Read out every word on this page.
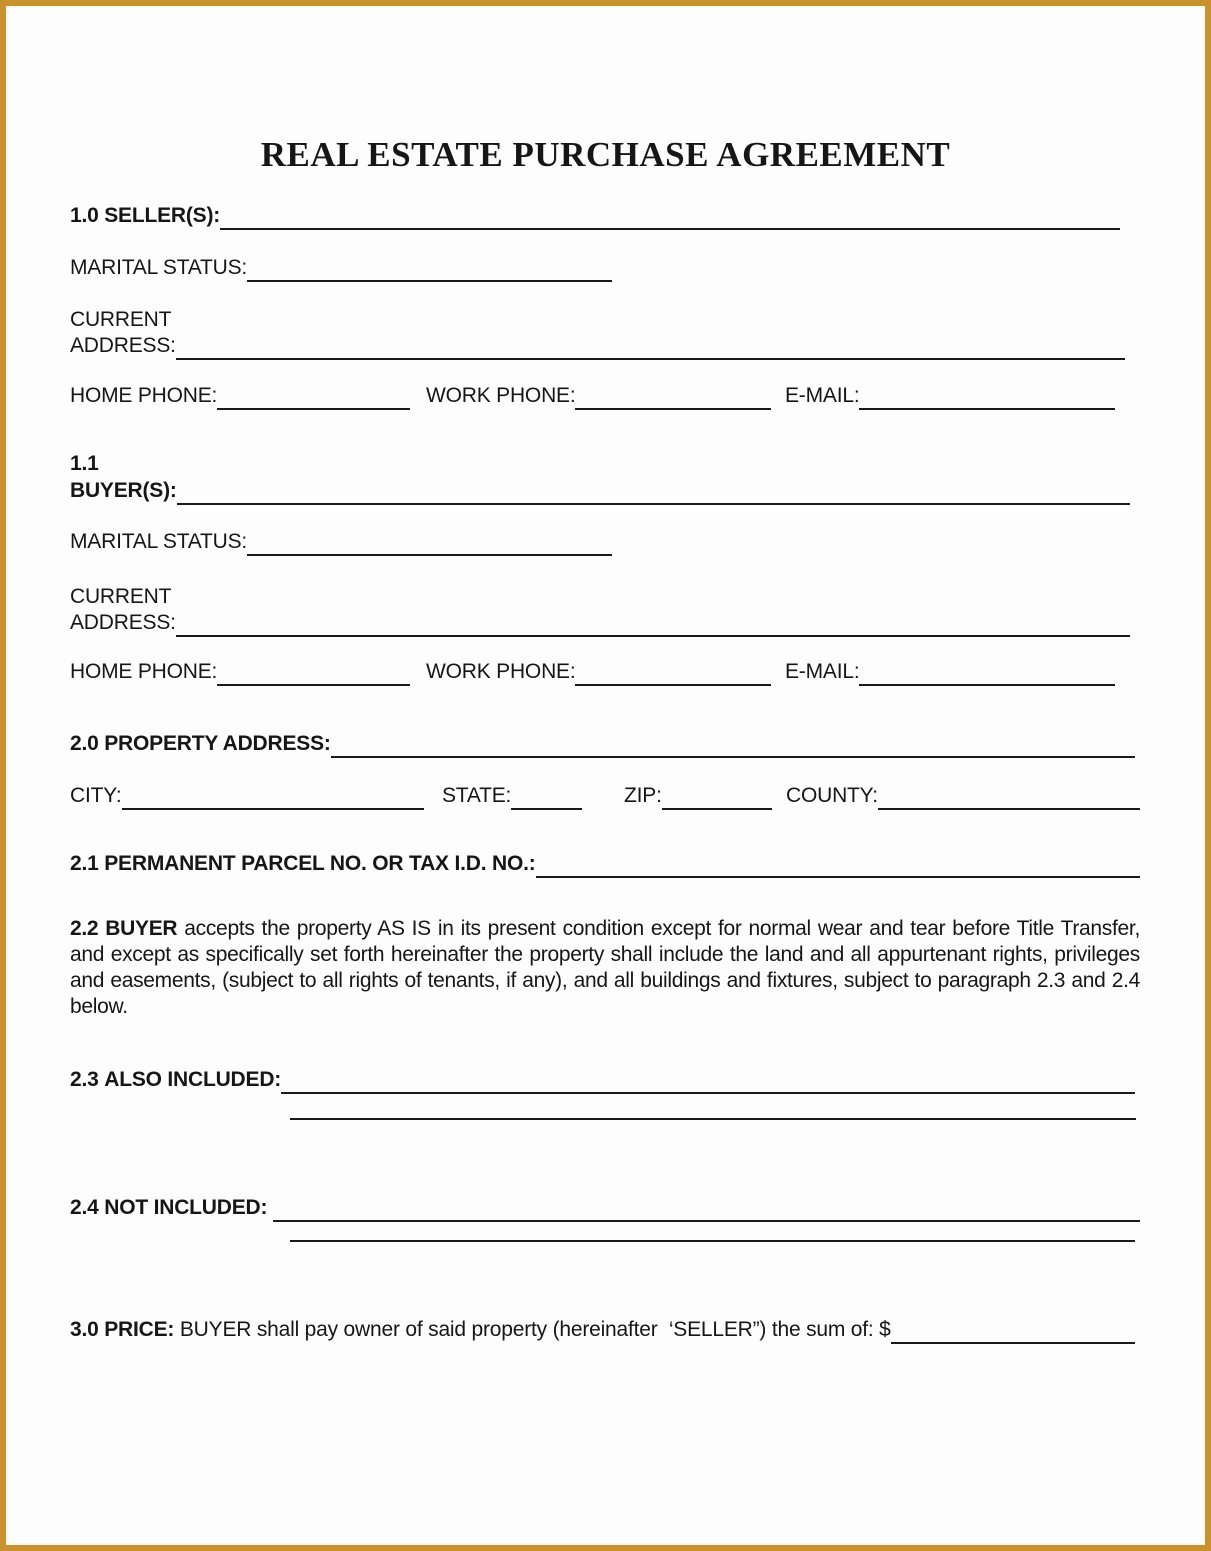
REAL ESTATE PURCHASE AGREEMENT
1.0
SELLER(S):
MARITAL STATUS:
CURRENT
ADDRESS:
HOME PHONE:	WORK PHONE:	E-MAIL:
1.1
BUYER(S):
MARITAL STATUS:
CURRENT
ADDRESS:
HOME PHONE:	WORK PHONE:	E-MAIL:
2.0
PROPERTY ADDRESS:
CITY:	STATE:	ZIP:	COUNTY:
2.1
PERMANENT PARCEL NO. OR TAX I.D. NO.:
2.2 BUYER accepts the property AS IS in its present condition except for normal wear and tear before Title Transfer, and except as specifically set forth hereinafter the property shall include the land and all appurtenant rights, privileges and easements, (subject to all rights of tenants, if any), and all buildings and fixtures, subject to paragraph 2.3 and 2.4 below.
2.3
ALSO INCLUDED:
2.4
NOT INCLUDED:

3.0
PRICE:
BUYER shall pay owner of said property (hereinafter  ‘SELLER”) the sum of: $
